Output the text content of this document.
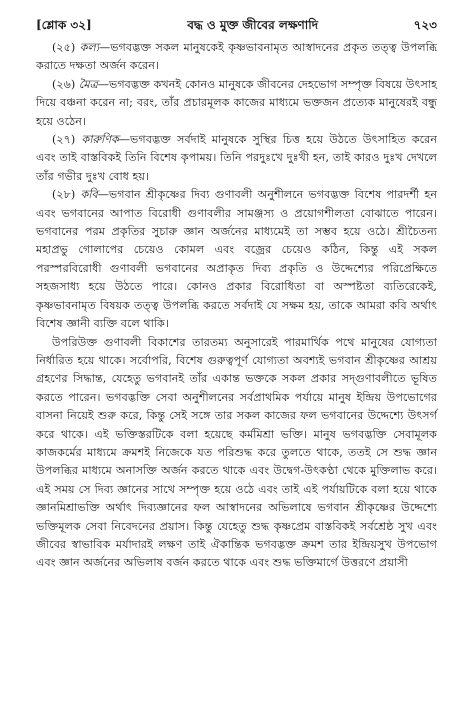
[শ্লোক ৩২]	বদ্ধ ও মুক্ত জীবের লক্ষণাদি	৭২৩

(২৫) কল্য—ভগবদ্ভক্ত সকল মানুষকেই কৃষ্ণভাবনামৃত আস্বাদনের প্রকৃত তত্ত্ব উপলব্ধি করাতে দক্ষতা অর্জন করেন।

(২৬) মৈত্র—ভগবদ্ভক্ত কখনই কোনও মানুষকে জীবনের দেহভোগ সম্পৃক্ত বিষয়ে উৎসাহ দিয়ে বঞ্চনা করেন না; বরং, তাঁর প্রচারমূলক কাজের মাধ্যমে ভক্তজন প্রত্যেক মানুষেরই বন্ধু হয়ে ওঠেন।

(২৭) কারুণিক—ভগবদ্ভক্ত সর্বদাই মানুষকে সুস্থির চিত্ত হয়ে উঠতে উৎসাহিত করেন এবং তাই বাস্তবিকই তিনি বিশেষ কৃপাময়। তিনি পরদুঃখে দুঃখী হন, তাই কারও দুঃখ দেখলে তাঁর গভীর দুঃখ বোধ হয়।

(২৮) কবি—ভগবান শ্রীকৃষ্ণের দিব্য গুণাবলী অনুশীলনে ভগবদ্ভক্ত বিশেষ পারদর্শী হন এবং ভগবানের আপাত বিরোধী গুণাবলীর সামঞ্জস্য ও প্রয়োগশীলতা বোঝাতে পারেন। ভগবানের পরম প্রকৃতির সুচারু জ্ঞান অর্জনের মাধ্যমেই তা সম্ভব হয়ে ওঠে। শ্রীচৈতন্য মহাপ্রভু গোলাপের চেয়েও কোমল এবং বজ্রের চেয়েও কঠিন, কিন্তু এই সকল পরস্পরবিরোধী গুণাবলী ভগবানের অপ্রাকৃত দিব্য প্রকৃতি ও উদ্দেশ্যের পরিপ্রেক্ষিতে সহজসাধ্য হয়ে উঠতে পারে। কোনও প্রকার বিরোধিতা বা অস্পষ্টতা ব্যতিরেকেই, কৃষ্ণভাবনামৃত বিষয়ক তত্ত্ব উপলব্ধি করতে সর্বদাই যে সক্ষম হয়, তাকে আমরা কবি অর্থাৎ বিশেষ জ্ঞানী ব্যক্তি বলে থাকি।

উপরিউক্ত গুণাবলী বিকাশের তারতম্য অনুসারেই পারমার্থিক পথে মানুষের যোগ্যতা নির্ধারিত হয়ে থাকে। সর্বোপরি, বিশেষ গুরুত্বপূর্ণ যোগ্যতা অবশ্যই ভগবান শ্রীকৃষ্ণের আশ্রয় গ্রহণের সিদ্ধান্ত, যেহেতু ভগবানই তাঁর একান্ত ভক্তকে সকল প্রকার সদ্গুণাবলীতে ভূষিত করতে পারেন। ভগবদ্ভক্তি সেবা অনুশীলনের সর্বপ্রাথমিক পর্যায়ে মানুষ ইন্দ্রিয় উপভোগের বাসনা নিয়েই শুরু করে, কিন্তু সেই সঙ্গে তার সকল কাজের ফল ভগবানের উদ্দেশ্যে উৎসর্গ করে থাকে। এই ভক্তিস্তরটিকে বলা হয়েছে কর্মমিশ্রা ভক্তি। মানুষ ভগবদ্ভক্তি সেবামূলক কাজকর্মের মাধ্যমে ক্রমশই নিজেকে যত পরিশুদ্ধ করে তুলতে থাকে, ততই সে শুদ্ধ জ্ঞান উপলব্ধির মাধ্যমে অনাসক্তি অর্জন করতে থাকে এবং উদ্বেগ-উৎকণ্ঠা থেকে মুক্তিলাভ করে। এই সময় সে দিব্য জ্ঞানের সাথে সম্পৃক্ত হয়ে ওঠে এবং তাই এই পর্যায়টিকে বলা হয়ে থাকে জ্ঞানমিশ্রাভক্তি অর্থাৎ দিব্যজ্ঞানের ফল আস্বাদনের অভিলাষে ভগবান শ্রীকৃষ্ণের উদ্দেশ্যে ভক্তিমূলক সেবা নিবেদনের প্রয়াস। কিন্তু যেহেতু শুদ্ধ কৃষ্ণপ্রেম বাস্তবিকই সর্বশ্রেষ্ঠ সুখ এবং জীবের স্বাভাবিক মর্যাদারই লক্ষণ তাই ঐকান্তিক ভগবদ্ভক্ত ক্রমশ তার ইন্দ্রিয়সুখ উপভোগ এবং জ্ঞান অর্জনের অভিলাষ বর্জন করতে থাকে এবং শুদ্ধ ভক্তিমার্গে উত্তরণে প্রয়াসী
